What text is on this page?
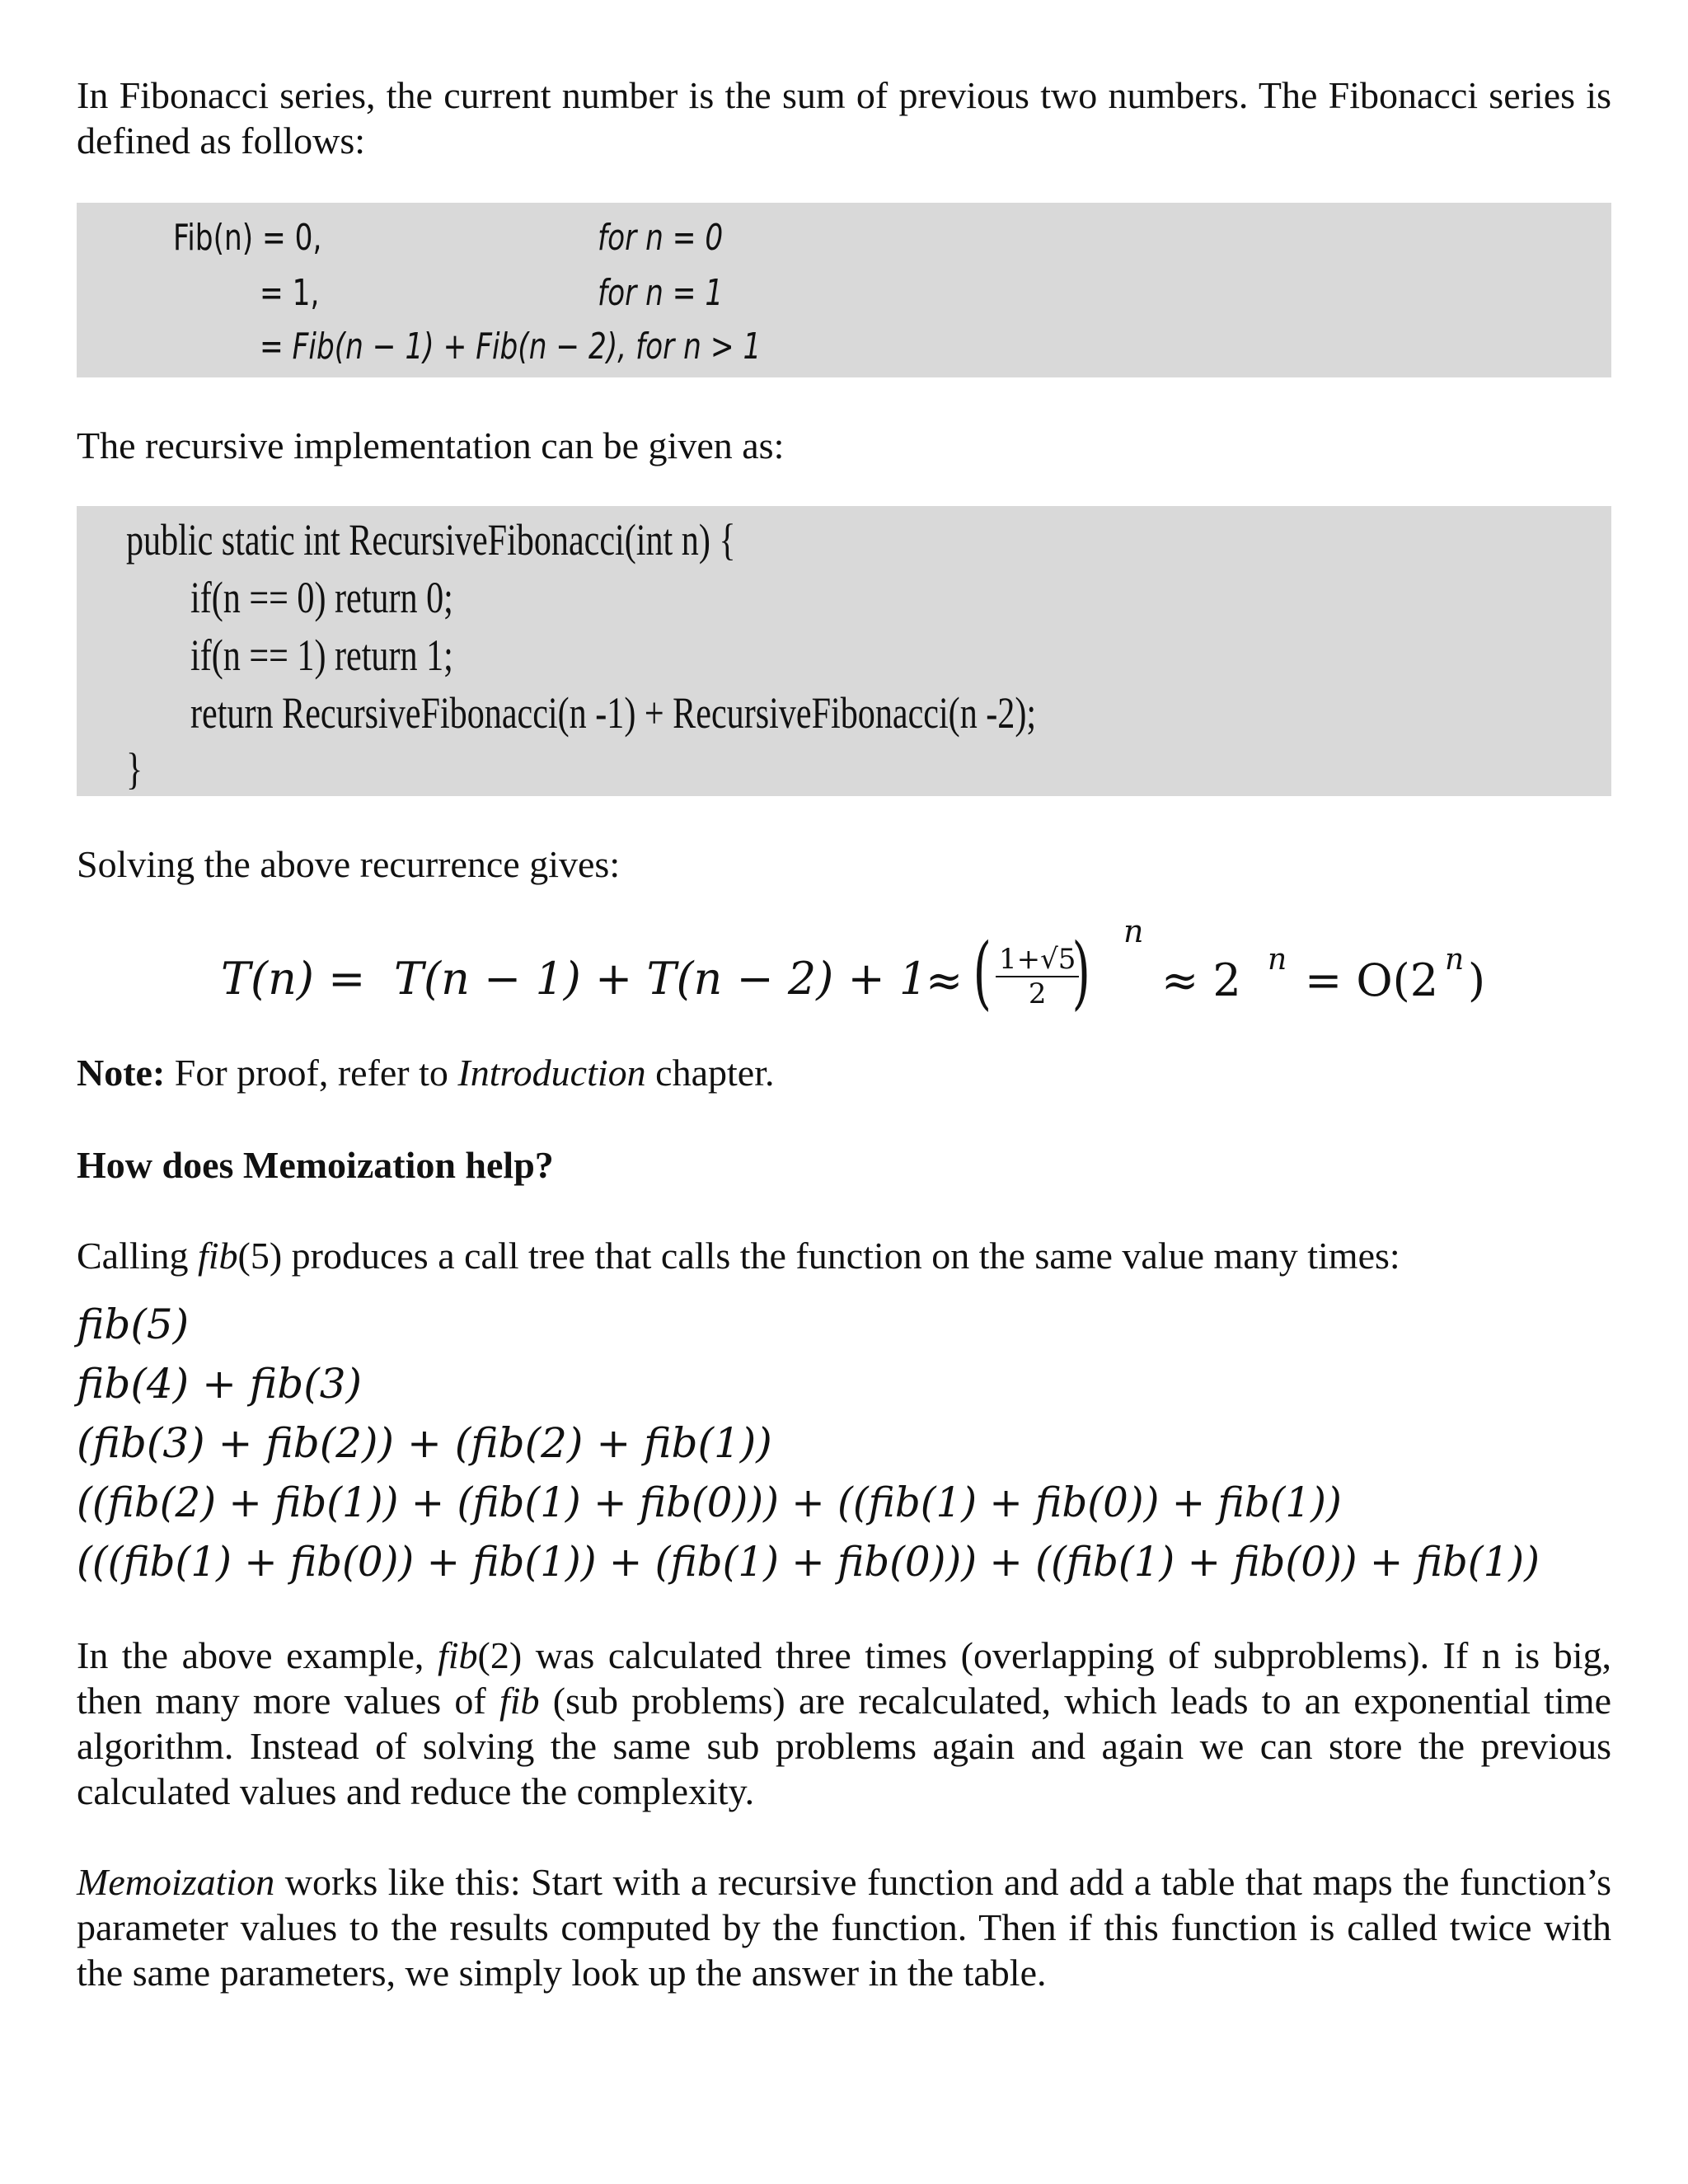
In Fibonacci series, the current number is the sum of previous two numbers. The Fibonacci series is defined as follows:

Fib(n) = 0,	for n = 0
= 1,	for n = 1
= Fib(n − 1) + Fib(n − 2), for n > 1

The recursive implementation can be given as:

public static int RecursiveFibonacci(int n) {
if(n == 0) return 0;
if(n == 1) return 1;
return RecursiveFibonacci(n -1) + RecursiveFibonacci(n -2);
}

Solving the above recurrence gives:

T(n) = T(n − 1) + T(n − 2) + 1
≈ ( $\frac{1+√5}{2}$
) n
≈ 2 n = O(2 n )

Note: For proof, refer to Introduction chapter.

How does Memoization help?

Calling fib(5) produces a call tree that calls the function on the same value many times:

fib(5)
fib(4) + fib(3)
(fib(3) + fib(2)) + (fib(2) + fib(1))
((fib(2) + fib(1)) + (fib(1) + fib(0))) + ((fib(1) + fib(0)) + fib(1))
(((fib(1) + fib(0)) + fib(1)) + (fib(1) + fib(0))) + ((fib(1) + fib(0)) + fib(1))

In the above example, fib(2) was calculated three times (overlapping of subproblems). If n is big, then many more values of fib (sub problems) are recalculated, which leads to an exponential time algorithm. Instead of solving the same sub problems again and again we can store the previous calculated values and reduce the complexity.

Memoization works like this: Start with a recursive function and add a table that maps the function’s parameter values to the results computed by the function. Then if this function is called twice with the same parameters, we simply look up the answer in the table.
